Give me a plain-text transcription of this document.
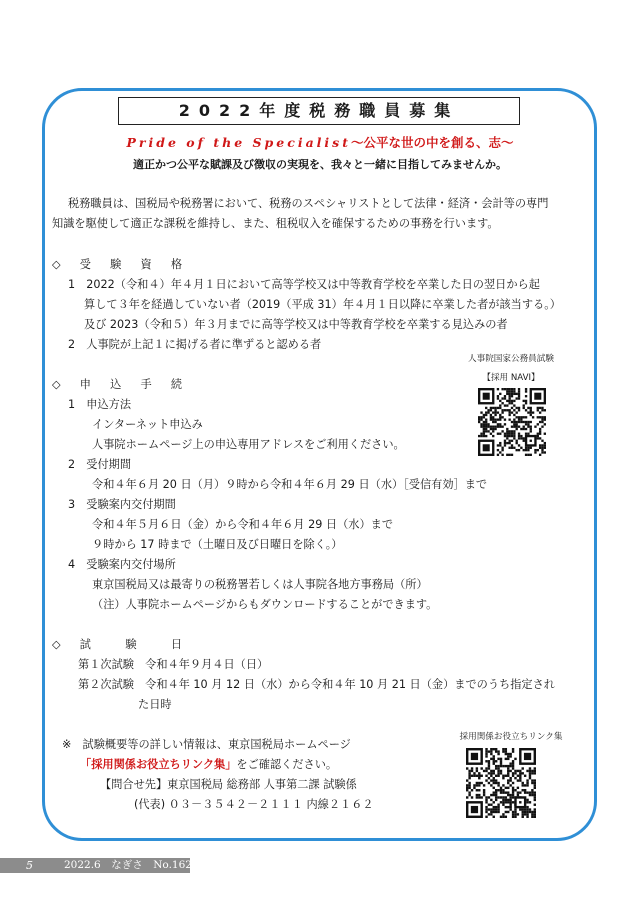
2022年度税務職員募集
Pride of the Specialist～公平な世の中を創る、志～
適正かつ公平な賦課及び徴収の実現を、我々と一緒に目指してみませんか。
税務職員は、国税局や税務署において、税務のスペシャリストとして法律・経済・会計等の専門
知識を駆使して適正な課税を維持し、また、租税収入を確保するための事務を行います。
◇　受　験　資　格
1　2022（令和４）年４月１日において高等学校又は中等教育学校を卒業した日の翌日から起
算して３年を経過していない者（2019（平成 31）年４月１日以降に卒業した者が該当する。）
及び 2023（令和５）年３月までに高等学校又は中等教育学校を卒業する見込みの者
2　人事院が上記１に掲げる者に準ずると認める者
◇　申　込　手　続
1　申込方法
インターネット申込み
人事院ホームページ上の申込専用アドレスをご利用ください。
2　受付期間
令和４年６月 20 日（月）９時から令和４年６月 29 日（水）［受信有効］まで
3　受験案内交付期間
令和４年５月６日（金）から令和４年６月 29 日（水）まで
９時から 17 時まで（土曜日及び日曜日を除く。）
4　受験案内交付場所
東京国税局又は最寄りの税務署若しくは人事院各地方事務局（所）
（注）人事院ホームページからもダウンロードすることができます。
◇　試　　験　　日
第１次試験　令和４年９月４日（日）
第２次試験　令和４年 10 月 12 日（水）から令和４年 10 月 21 日（金）までのうち指定され
た日時
※　試験概要等の詳しい情報は、東京国税局ホームページ
「採用関係お役立ちリンク集」をご確認ください。
【問合せ先】東京国税局 総務部 人事第二課 試験係
(代表) ０３－３５４２－２１１１ 内線２１６２
人事院国家公務員試験
【採用 NAVI】
採用関係お役立ちリンク集
5	2022.6　なぎさ　No.162
